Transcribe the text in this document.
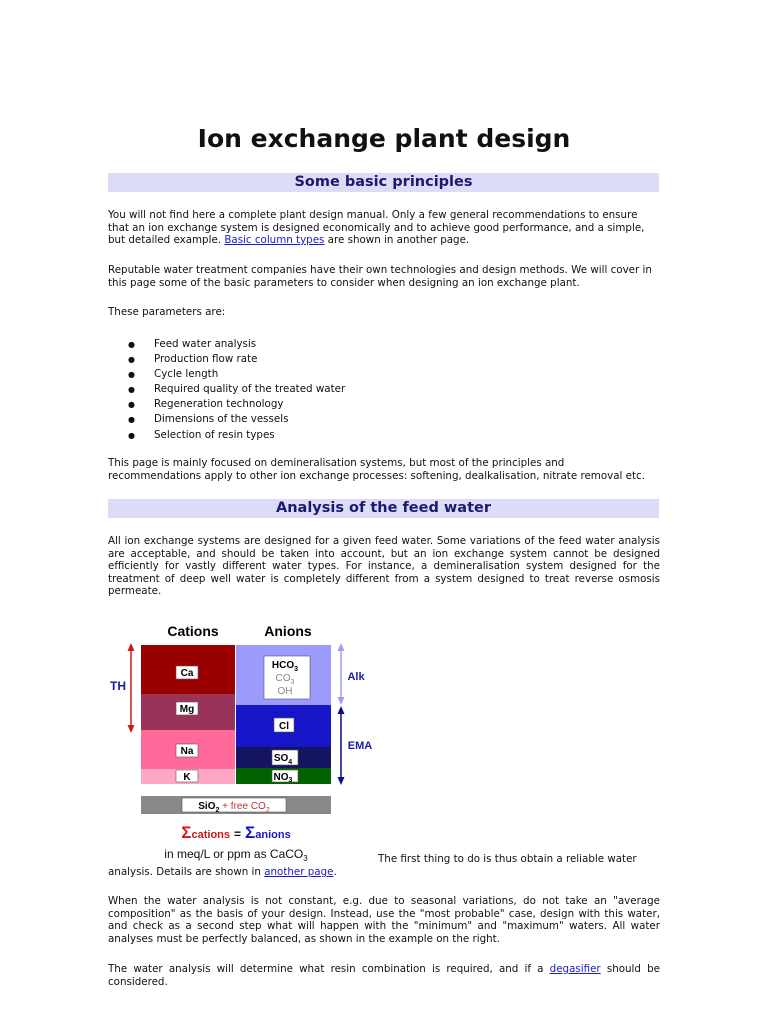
Ion exchange plant design
Some basic principles

You will not find here a complete plant design manual. Only a few general recommendations to ensure that an ion exchange system is designed economically and to achieve good performance, and a simple, but detailed example. Basic column types are shown in another page.

Reputable water treatment companies have their own technologies and design methods. We will cover in this page some of the basic parameters to consider when designing an ion exchange plant.

These parameters are:

● Feed water analysis
● Production flow rate
● Cycle length
● Required quality of the treated water
● Regeneration technology
● Dimensions of the vessels
● Selection of resin types

This page is mainly focused on demineralisation systems, but most of the principles and recommendations apply to other ion exchange processes: softening, dealkalisation, nitrate removal etc.

Analysis of the feed water

All ion exchange systems are designed for a given feed water. Some variations of the feed water analysis are acceptable, and should be taken into account, but an ion exchange system cannot be designed efficiently for vastly different water types. For instance, a demineralisation system designed for the treatment of deep well water is completely different from a system designed to treat reverse osmosis permeate.

Cations	Anions
Ca
Mg
Na
K
$HCO_3$
$CO_3$
OH
Cl
$SO_4$
$NO_3$
TH
Alk
EMA
SiO$_2$ + free $CO_2$
Σcations = Σanions
in meq/L or ppm as CaCO$_3$	The first thing to do is thus obtain a reliable water

analysis. Details are shown in another page.

When the water analysis is not constant, e.g. due to seasonal variations, do not take an "average composition" as the basis of your design. Instead, use the "most probable" case, design with this water, and check as a second step what will happen with the "minimum" and "maximum" waters. All water analyses must be perfectly balanced, as shown in the example on the right.

The water analysis will determine what resin combination is required, and if a degasifier should be considered.
